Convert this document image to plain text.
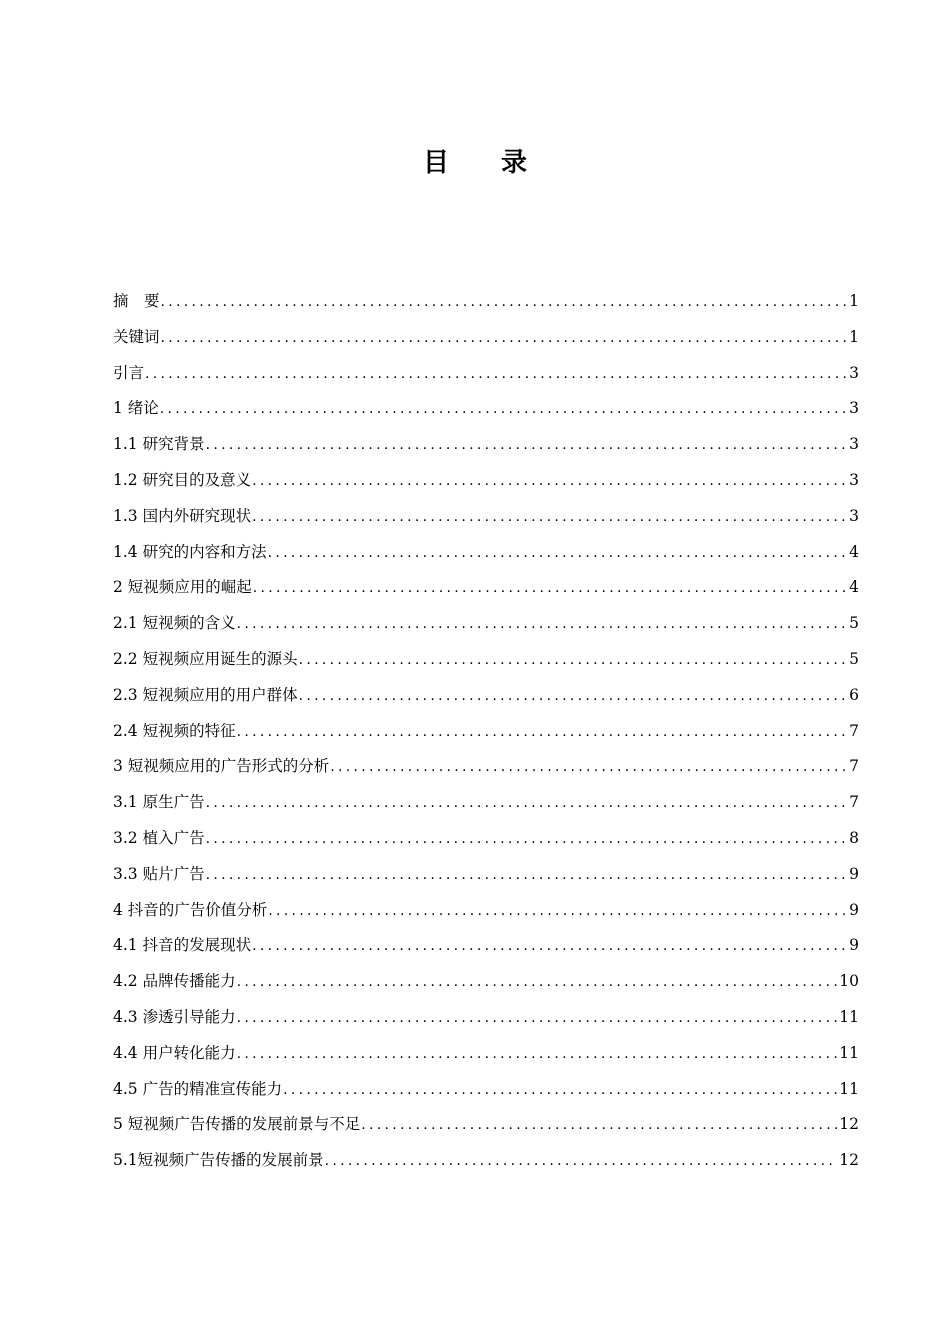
目 录
摘　要 .....	1
关键词 .....	1
引言 .....	3
1 绪论 .....	3
1.1 研究背景 .....	3
1.2 研究目的及意义 .....	3
1.3 国内外研究现状 .....	3
1.4 研究的内容和方法 .....	4
2 短视频应用的崛起 .....	4
2.1 短视频的含义 .....	5
2.2 短视频应用诞生的源头 .....	5
2.3 短视频应用的用户群体 .....	6
2.4 短视频的特征 .....	7
3 短视频应用的广告形式的分析 .....	7
3.1 原生广告 .....	7
3.2 植入广告 .....	8
3.3 贴片广告 .....	9
4 抖音的广告价值分析 .....	9
4.1 抖音的发展现状 .....	9
4.2 品牌传播能力 .....	10
4.3 渗透引导能力 .....	11
4.4 用户转化能力 .....	11
4.5 广告的精准宣传能力 .....	11
5 短视频广告传播的发展前景与不足 .....	12
5.1短视频广告传播的发展前景 .....	12
